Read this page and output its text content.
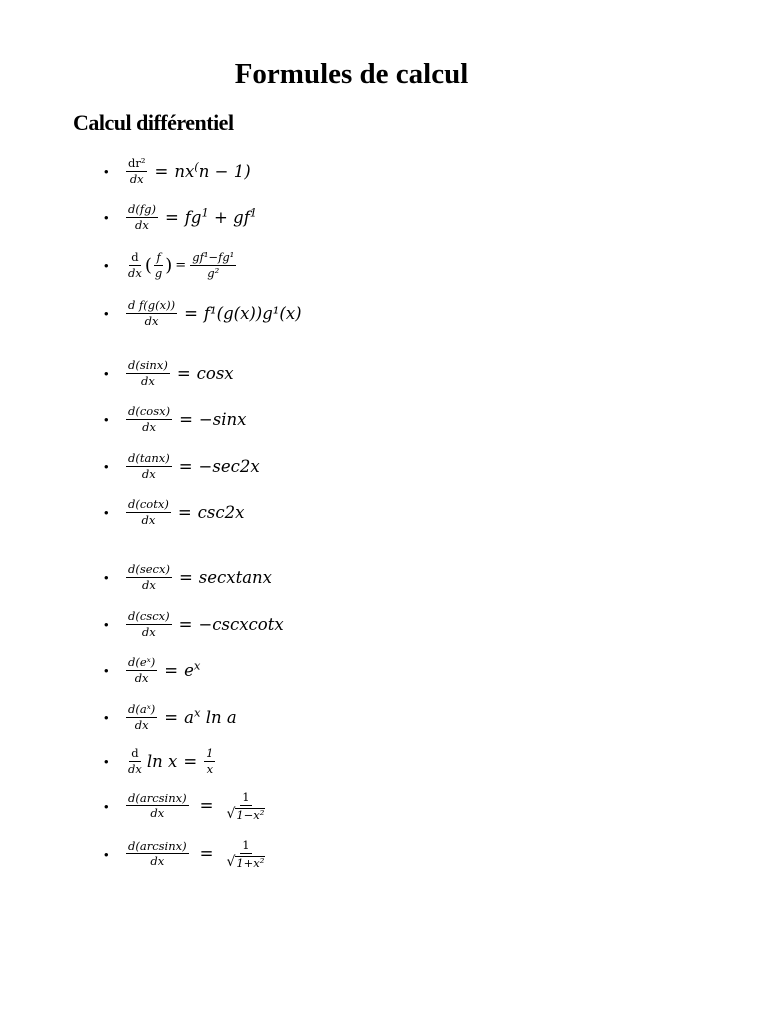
Formules de calcul
Calcul différentiel
•	$\frac{\text{dr²}}{dx} = nx^(n - 1$)
•	$\frac{d(fg)}{dx} = fg^1 + gf^1$
•	$\frac{d}{dx}$ ( $\frac{f}{g}$ ) = $\frac{\text{gf¹−fg¹}}{\text{g²}}$
•	$\frac{\text{d f(g(x))}}{dx} = f^1(g(x))g^1(x)$
•	$\frac{d(\sin x)}{dx} = \cos x$
•	$\frac{d(\cos x)}{dx} = -\sin x$
•	$\frac{d(\tan x)}{dx} = -\sec 2x$
•	$\frac{d(\cot x)}{dx} = \csc 2x$
•	$\frac{d(\sec x)}{dx}$ = secxtanx
•	$\frac{d(\csc x)}{dx}$ = −cscxcotx
•	$\frac{\text{d(eˣ)}}{dx} = e^x$
•	$\frac{\text{d(aˣ)}}{dx} = a^x$ ln a
•	$\frac{d}{dx}$ $\ln x = \frac{1}{x}$
•	$\frac{d(\arcsin x)}{dx} = \frac{1}{\text{√ 1−x²}}$
•	$\frac{d(\arcsin x)}{dx} = \frac{1}{\text{√ 1+x²}}$
